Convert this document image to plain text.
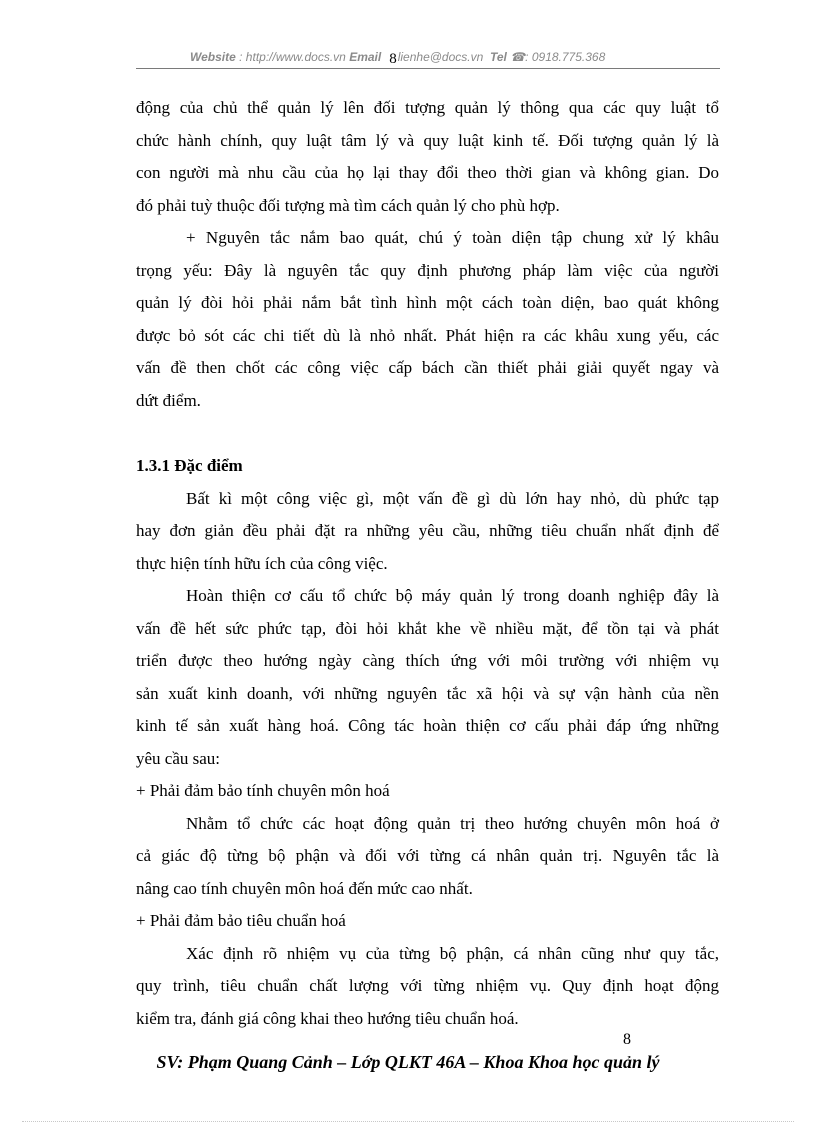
Website : http://www.docs.vn Email 8lienhe@docs.vn Tel ☎: 0918.775.368

động của chủ thể quản lý lên đối tượng quản lý thông qua các quy luật tổ

chức hành chính, quy luật tâm lý và quy luật kinh tế. Đối tượng quản lý là

con người mà nhu cầu của họ lại thay đổi theo thời gian và không gian. Do

đó phải tuỳ thuộc đối tượng mà tìm cách quản lý cho phù hợp.

+ Nguyên tắc nắm bao quát, chú ý toàn diện tập chung xử lý khâu

trọng yếu: Đây là nguyên tắc quy định phương pháp làm việc của người

quản lý đòi hỏi phải nắm bắt tình hình một cách toàn diện, bao quát không

được bỏ sót các chi tiết dù là nhỏ nhất. Phát hiện ra các khâu xung yếu, các

vấn đề then chốt các công việc cấp bách cần thiết phải giải quyết ngay và

dứt điểm.

1.3.1 Đặc điểm

Bất kì một công việc gì, một vấn đề gì dù lớn hay nhỏ, dù phức tạp

hay đơn giản đều phải đặt ra những yêu cầu, những tiêu chuẩn nhất định để

thực hiện tính hữu ích của công việc.

Hoàn thiện cơ cấu tổ chức bộ máy quản lý trong doanh nghiệp đây là

vấn đề hết sức phức tạp, đòi hỏi khắt khe về nhiều mặt, để tồn tại và phát

triển được theo hướng ngày càng thích ứng với môi trường với nhiệm vụ

sản xuất kinh doanh, với những nguyên tắc xã hội và sự vận hành của nền

kinh tế sản xuất hàng hoá. Công tác hoàn thiện cơ cấu phải đáp ứng những

yêu cầu sau:

+ Phải đảm bảo tính chuyên môn hoá

Nhằm tổ chức các hoạt động quản trị theo hướng chuyên môn hoá ở

cả giác độ từng bộ phận và đối với từng cá nhân quản trị. Nguyên tắc là

nâng cao tính chuyên môn hoá đến mức cao nhất.

+ Phải đảm bảo tiêu chuẩn hoá

Xác định rõ nhiệm vụ của từng bộ phận, cá nhân cũng như quy tắc,

quy trình, tiêu chuẩn chất lượng với từng nhiệm vụ. Quy định hoạt động

kiểm tra, đánh giá công khai theo hướng tiêu chuẩn hoá.

8
SV: Phạm Quang Cảnh – Lớp QLKT 46A – Khoa Khoa học quản lý
